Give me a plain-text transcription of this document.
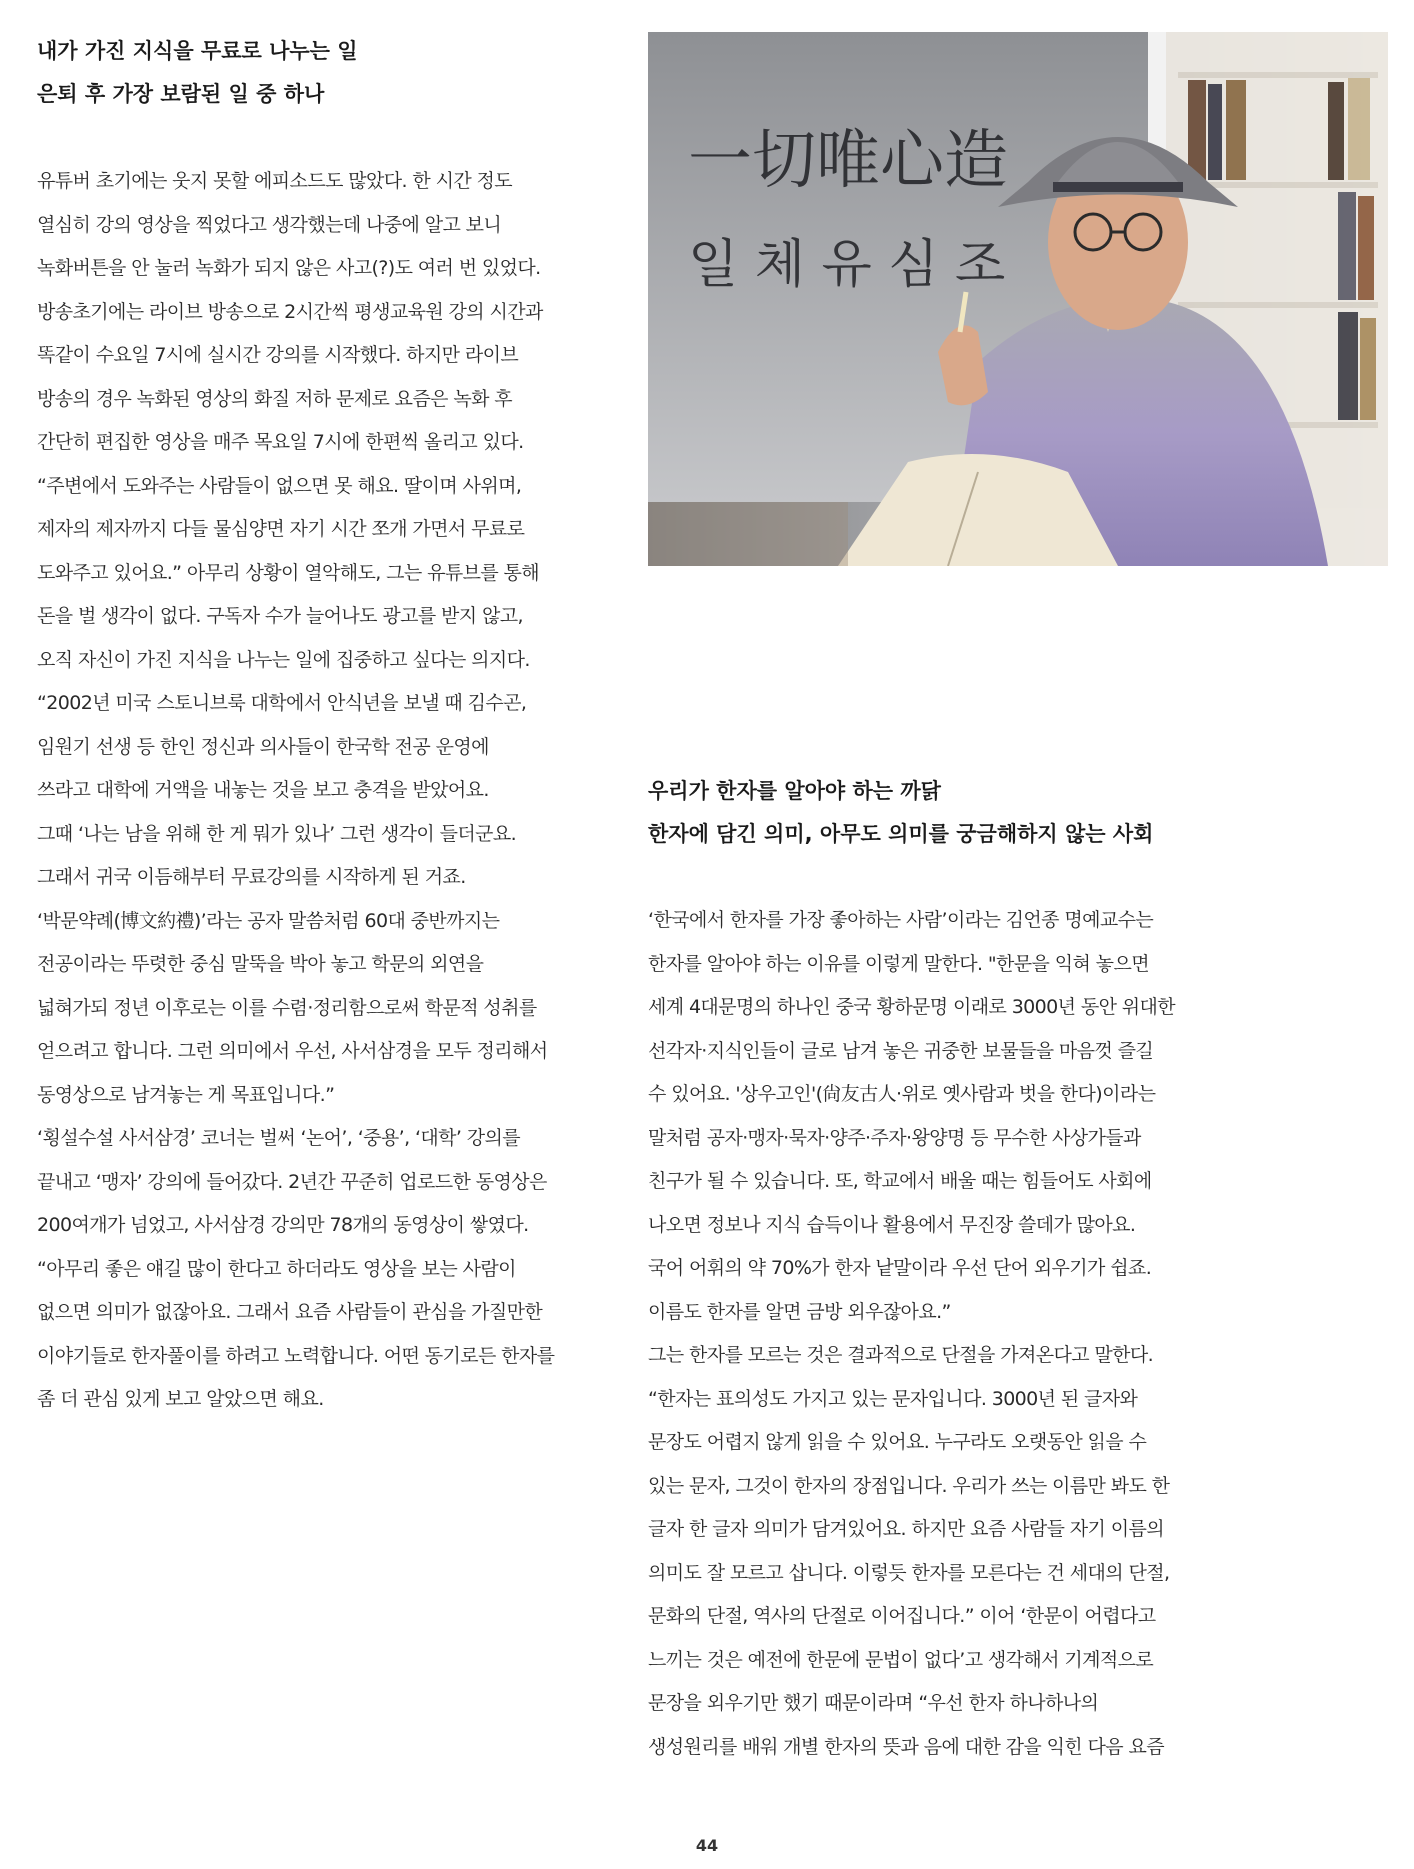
내가 가진 지식을 무료로 나누는 일

은퇴 후 가장 보람된 일 중 하나

유튜버 초기에는 웃지 못할 에피소드도 많았다. 한 시간 정도
열심히 강의 영상을 찍었다고 생각했는데 나중에 알고 보니
녹화버튼을 안 눌러 녹화가 되지 않은 사고(?)도 여러 번 있었다.
방송초기에는 라이브 방송으로 2시간씩 평생교육원 강의 시간과
똑같이 수요일 7시에 실시간 강의를 시작했다. 하지만 라이브
방송의 경우 녹화된 영상의 화질 저하 문제로 요즘은 녹화 후
간단히 편집한 영상을 매주 목요일 7시에 한편씩 올리고 있다.
“주변에서 도와주는 사람들이 없으면 못 해요. 딸이며 사위며,
제자의 제자까지 다들 물심양면 자기 시간 쪼개 가면서 무료로
도와주고 있어요.” 아무리 상황이 열악해도, 그는 유튜브를 통해
돈을 벌 생각이 없다. 구독자 수가 늘어나도 광고를 받지 않고,
오직 자신이 가진 지식을 나누는 일에 집중하고 싶다는 의지다.
“2002년 미국 스토니브룩 대학에서 안식년을 보낼 때 김수곤,
임원기 선생 등 한인 정신과 의사들이 한국학 전공 운영에
쓰라고 대학에 거액을 내놓는 것을 보고 충격을 받았어요.
그때 ‘나는 남을 위해 한 게 뭐가 있나’ 그런 생각이 들더군요.
그래서 귀국 이듬해부터 무료강의를 시작하게 된 거죠.
‘박문약례(博文約禮)’라는 공자 말씀처럼 60대 중반까지는
전공이라는 뚜렷한 중심 말뚝을 박아 놓고 학문의 외연을
넓혀가되 정년 이후로는 이를 수렴·정리함으로써 학문적 성취를
얻으려고 합니다. 그런 의미에서 우선, 사서삼경을 모두 정리해서
동영상으로 남겨놓는 게 목표입니다.”
‘횡설수설 사서삼경’ 코너는 벌써 ‘논어’, ‘중용’, ‘대학’ 강의를
끝내고 ‘맹자’ 강의에 들어갔다. 2년간 꾸준히 업로드한 동영상은
200여개가 넘었고, 사서삼경 강의만 78개의 동영상이 쌓였다.
“아무리 좋은 얘길 많이 한다고 하더라도 영상을 보는 사람이
없으면 의미가 없잖아요. 그래서 요즘 사람들이 관심을 가질만한
이야기들로 한자풀이를 하려고 노력합니다. 어떤 동기로든 한자를
좀 더 관심 있게 보고 알았으면 해요.
一切唯心造
일 체 유 심 조

우리가 한자를 알아야 하는 까닭

한자에 담긴 의미, 아무도 의미를 궁금해하지 않는 사회

‘한국에서 한자를 가장 좋아하는 사람’이라는 김언종 명예교수는
한자를 알아야 하는 이유를 이렇게 말한다. "한문을 익혀 놓으면
세계 4대문명의 하나인 중국 황하문명 이래로 3000년 동안 위대한
선각자·지식인들이 글로 남겨 놓은 귀중한 보물들을 마음껏 즐길
수 있어요. '상우고인'(尙友古人·위로 옛사람과 벗을 한다)이라는
말처럼 공자·맹자·묵자·양주·주자·왕양명 등 무수한 사상가들과
친구가 될 수 있습니다. 또, 학교에서 배울 때는 힘들어도 사회에
나오면 정보나 지식 습득이나 활용에서 무진장 쓸데가 많아요.
국어 어휘의 약 70%가 한자 낱말이라 우선 단어 외우기가 쉽죠.
이름도 한자를 알면 금방 외우잖아요.”
그는 한자를 모르는 것은 결과적으로 단절을 가져온다고 말한다.
“한자는 표의성도 가지고 있는 문자입니다. 3000년 된 글자와
문장도 어렵지 않게 읽을 수 있어요. 누구라도 오랫동안 읽을 수
있는 문자, 그것이 한자의 장점입니다. 우리가 쓰는 이름만 봐도 한
글자 한 글자 의미가 담겨있어요. 하지만 요즘 사람들 자기 이름의
의미도 잘 모르고 삽니다. 이렇듯 한자를 모른다는 건 세대의 단절,
문화의 단절, 역사의 단절로 이어집니다.” 이어 ‘한문이 어렵다고
느끼는 것은 예전에 한문에 문법이 없다’고 생각해서 기계적으로
문장을 외우기만 했기 때문이라며 “우선 한자 하나하나의
생성원리를 배워 개별 한자의 뜻과 음에 대한 감을 익힌 다음 요즘
44
